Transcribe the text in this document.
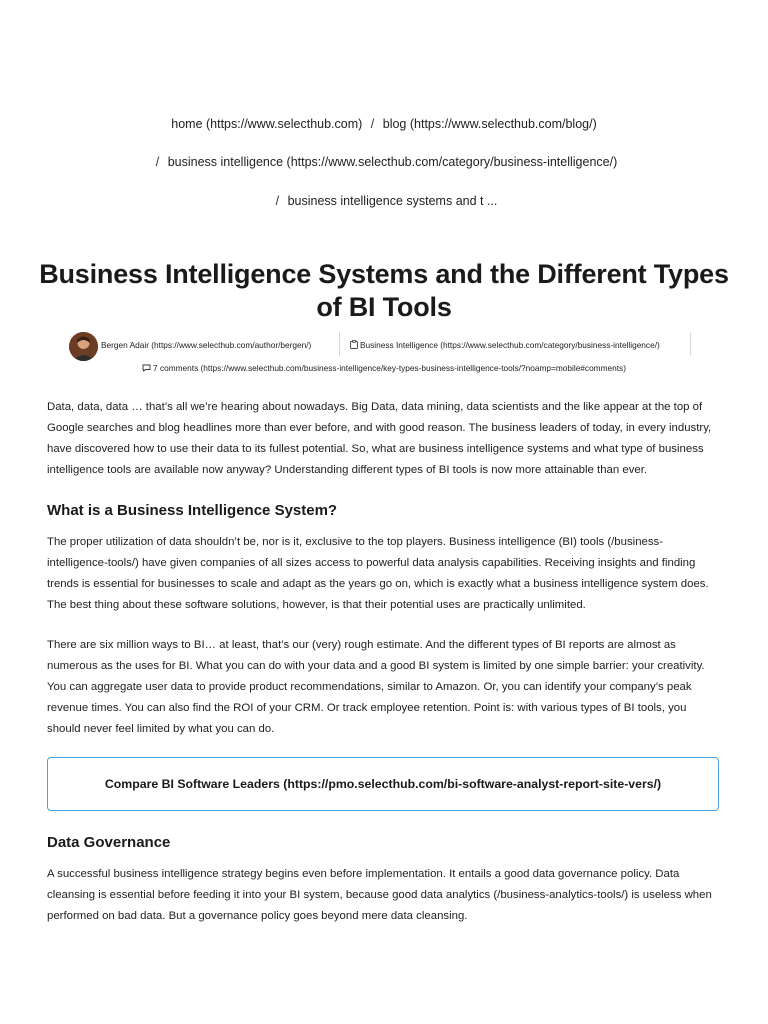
home (https://www.selecthub.com) / blog (https://www.selecthub.com/blog/)
/ business intelligence (https://www.selecthub.com/category/business-intelligence/)
/ business intelligence systems and t ...
Business Intelligence Systems and the Different Types of BI Tools
Bergen Adair (https://www.selecthub.com/author/bergen/)	Business Intelligence (https://www.selecthub.com/category/business-intelligence/)
7 comments (https://www.selecthub.com/business-intelligence/key-types-business-intelligence-tools/?noamp=mobile#comments)

Data, data, data … that’s all we’re hearing about nowadays. Big Data, data mining, data scientists and the like appear at the top of Google searches and blog headlines more than ever before, and with good reason. The business leaders of today, in every industry, have discovered how to use their data to its fullest potential. So, what are business intelligence systems and what type of business intelligence tools are available now anyway? Understanding different types of BI tools is now more attainable than ever.

What is a Business Intelligence System?

The proper utilization of data shouldn’t be, nor is it, exclusive to the top players. Business intelligence (BI) tools (/business-intelligence-tools/) have given companies of all sizes access to powerful data analysis capabilities. Receiving insights and finding trends is essential for businesses to scale and adapt as the years go on, which is exactly what a business intelligence system does. The best thing about these software solutions, however, is that their potential uses are practically unlimited.

There are six million ways to BI… at least, that’s our (very) rough estimate. And the different types of BI reports are almost as numerous as the uses for BI. What you can do with your data and a good BI system is limited by one simple barrier: your creativity. You can aggregate user data to provide product recommendations, similar to Amazon. Or, you can identify your company’s peak revenue times. You can also find the ROI of your CRM. Or track employee retention. Point is: with various types of BI tools, you should never feel limited by what you can do.

Compare BI Software Leaders (https://pmo.selecthub.com/bi-software-analyst-report-site-vers/)
Data Governance

A successful business intelligence strategy begins even before implementation. It entails a good data governance policy. Data cleansing is essential before feeding it into your BI system, because good data analytics (/business-analytics-tools/) is useless when performed on bad data. But a governance policy goes beyond mere data cleansing.
